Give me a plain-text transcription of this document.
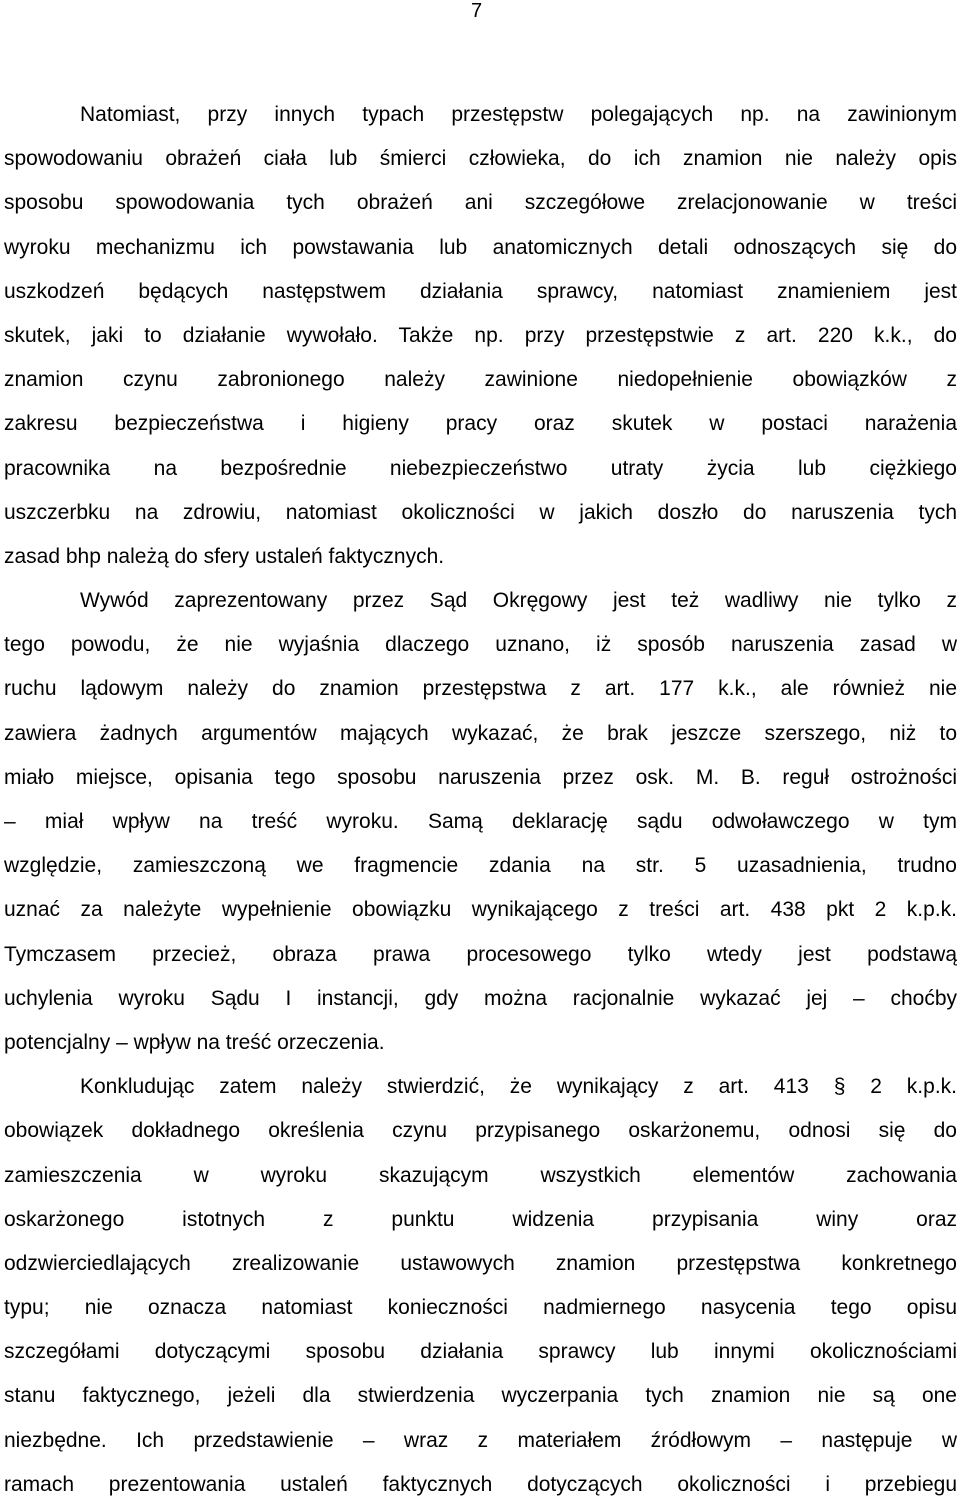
7
Natomiast, przy innych typach przestępstw polegających np. na zawinionym
spowodowaniu obrażeń ciała lub śmierci człowieka, do ich znamion nie należy opis
sposobu spowodowania tych obrażeń ani szczegółowe zrelacjonowanie w treści
wyroku mechanizmu ich powstawania lub anatomicznych detali odnoszących się do
uszkodzeń będących następstwem działania sprawcy, natomiast znamieniem jest
skutek, jaki to działanie wywołało. Także np. przy przestępstwie z art. 220 k.k., do
znamion czynu zabronionego należy zawinione niedopełnienie obowiązków z
zakresu bezpieczeństwa i higieny pracy oraz skutek w postaci narażenia
pracownika na bezpośrednie niebezpieczeństwo utraty życia lub ciężkiego
uszczerbku na zdrowiu, natomiast okoliczności w jakich doszło do naruszenia tych
zasad bhp należą do sfery ustaleń faktycznych.
Wywód zaprezentowany przez Sąd Okręgowy jest też wadliwy nie tylko z
tego powodu, że nie wyjaśnia dlaczego uznano, iż sposób naruszenia zasad w
ruchu lądowym należy do znamion przestępstwa z art. 177 k.k., ale również nie
zawiera żadnych argumentów mających wykazać, że brak jeszcze szerszego, niż to
miało miejsce, opisania tego sposobu naruszenia przez osk. M. B. reguł ostrożności
– miał wpływ na treść wyroku. Samą deklarację sądu odwoławczego w tym
względzie, zamieszczoną we fragmencie zdania na str. 5 uzasadnienia, trudno
uznać za należyte wypełnienie obowiązku wynikającego z treści art. 438 pkt 2 k.p.k.
Tymczasem przecież, obraza prawa procesowego tylko wtedy jest podstawą
uchylenia wyroku Sądu I instancji, gdy można racjonalnie wykazać jej – choćby
potencjalny – wpływ na treść orzeczenia.
Konkludując zatem należy stwierdzić, że wynikający z art. 413 § 2 k.p.k.
obowiązek dokładnego określenia czynu przypisanego oskarżonemu, odnosi się do
zamieszczenia w wyroku skazującym wszystkich elementów zachowania
oskarżonego istotnych z punktu widzenia przypisania winy oraz
odzwierciedlających zrealizowanie ustawowych znamion przestępstwa konkretnego
typu; nie oznacza natomiast konieczności nadmiernego nasycenia tego opisu
szczegółami dotyczącymi sposobu działania sprawcy lub innymi okolicznościami
stanu faktycznego, jeżeli dla stwierdzenia wyczerpania tych znamion nie są one
niezbędne. Ich przedstawienie – wraz z materiałem źródłowym – następuje w
ramach prezentowania ustaleń faktycznych dotyczących okoliczności i przebiegu
